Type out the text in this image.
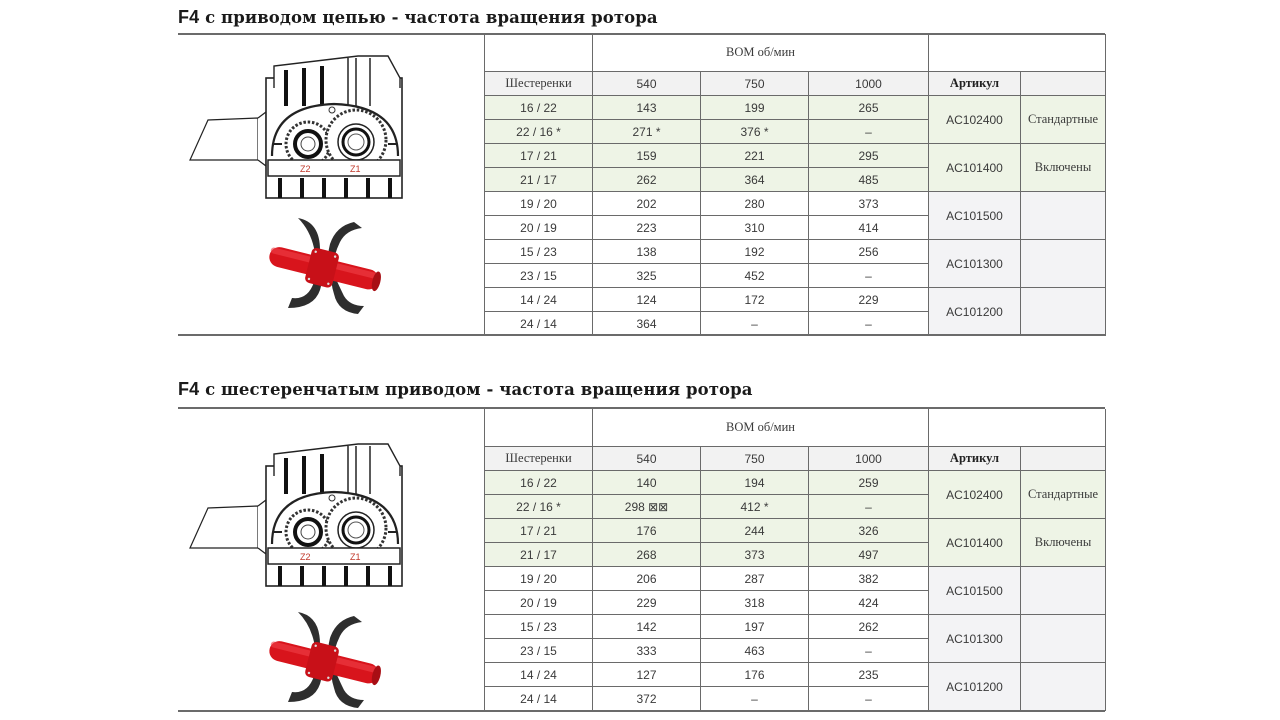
F4 с приводом цепью - частота вращения ротора
Z2	Z1
	ВОМ об/мин				
Шестеренки	540	750	1000	Артикул	
16 / 22	143	199	265	AC102400	Стандартные
22 / 16 *	271 *	376 *	–		
17 / 21	159	221	295	AC101400	Включены
21 / 17	262	364	485		
19 / 20	202	280	373	AC101500	
20 / 19	223	310	414		
15 / 23	138	192	256	AC101300	
23 / 15	325	452	–		
14 / 24	124	172	229	AC101200	
24 / 14	364	–	–		
F4 с шестеренчатым приводом - частота вращения ротора
Z2	Z1
	ВОМ об/мин				
Шестеренки	540	750	1000	Артикул	
16 / 22	140	194	259	AC102400	Стандартные
22 / 16 *	298 ⊠⊠	412 *	–		
17 / 21	176	244	326	AC101400	Включены
21 / 17	268	373	497		
19 / 20	206	287	382	AC101500	
20 / 19	229	318	424		
15 / 23	142	197	262	AC101300	
23 / 15	333	463	–		
14 / 24	127	176	235	AC101200	
24 / 14	372	–	–		
